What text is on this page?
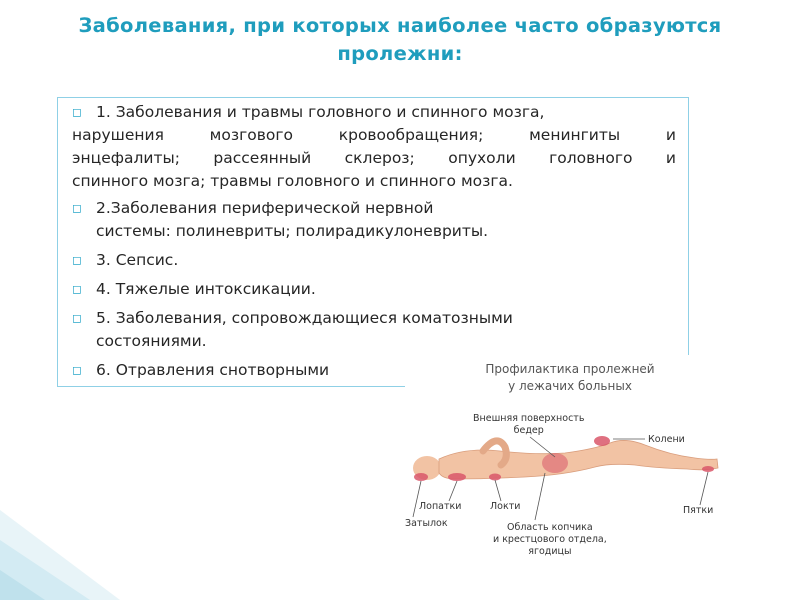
Заболевания, при которых наиболее часто образуются
пролежни:
◻ 1. Заболевания и травмы головного и спинного мозга,
нарушения мозгового кровообращения; менингиты и
энцефалиты; рассеянный склероз; опухоли головного и
спинного мозга; травмы головного и спинного мозга.
◻ 2.Заболевания периферической нервной
системы: полиневриты; полирадикулоневриты.
◻ 3. Сепсис.
◻ 4. Тяжелые интоксикации.
◻ 5. Заболевания, сопровождающиеся коматозными
состояниями.
◻ 6. Отравления снотворными	Профилактика пролежней
у лежачих больных
Внешняя поверхность
бедер
Колени
Лопатки	Локти	Пятки
Затылок	Область копчика
и крестцового отдела,
ягодицы
